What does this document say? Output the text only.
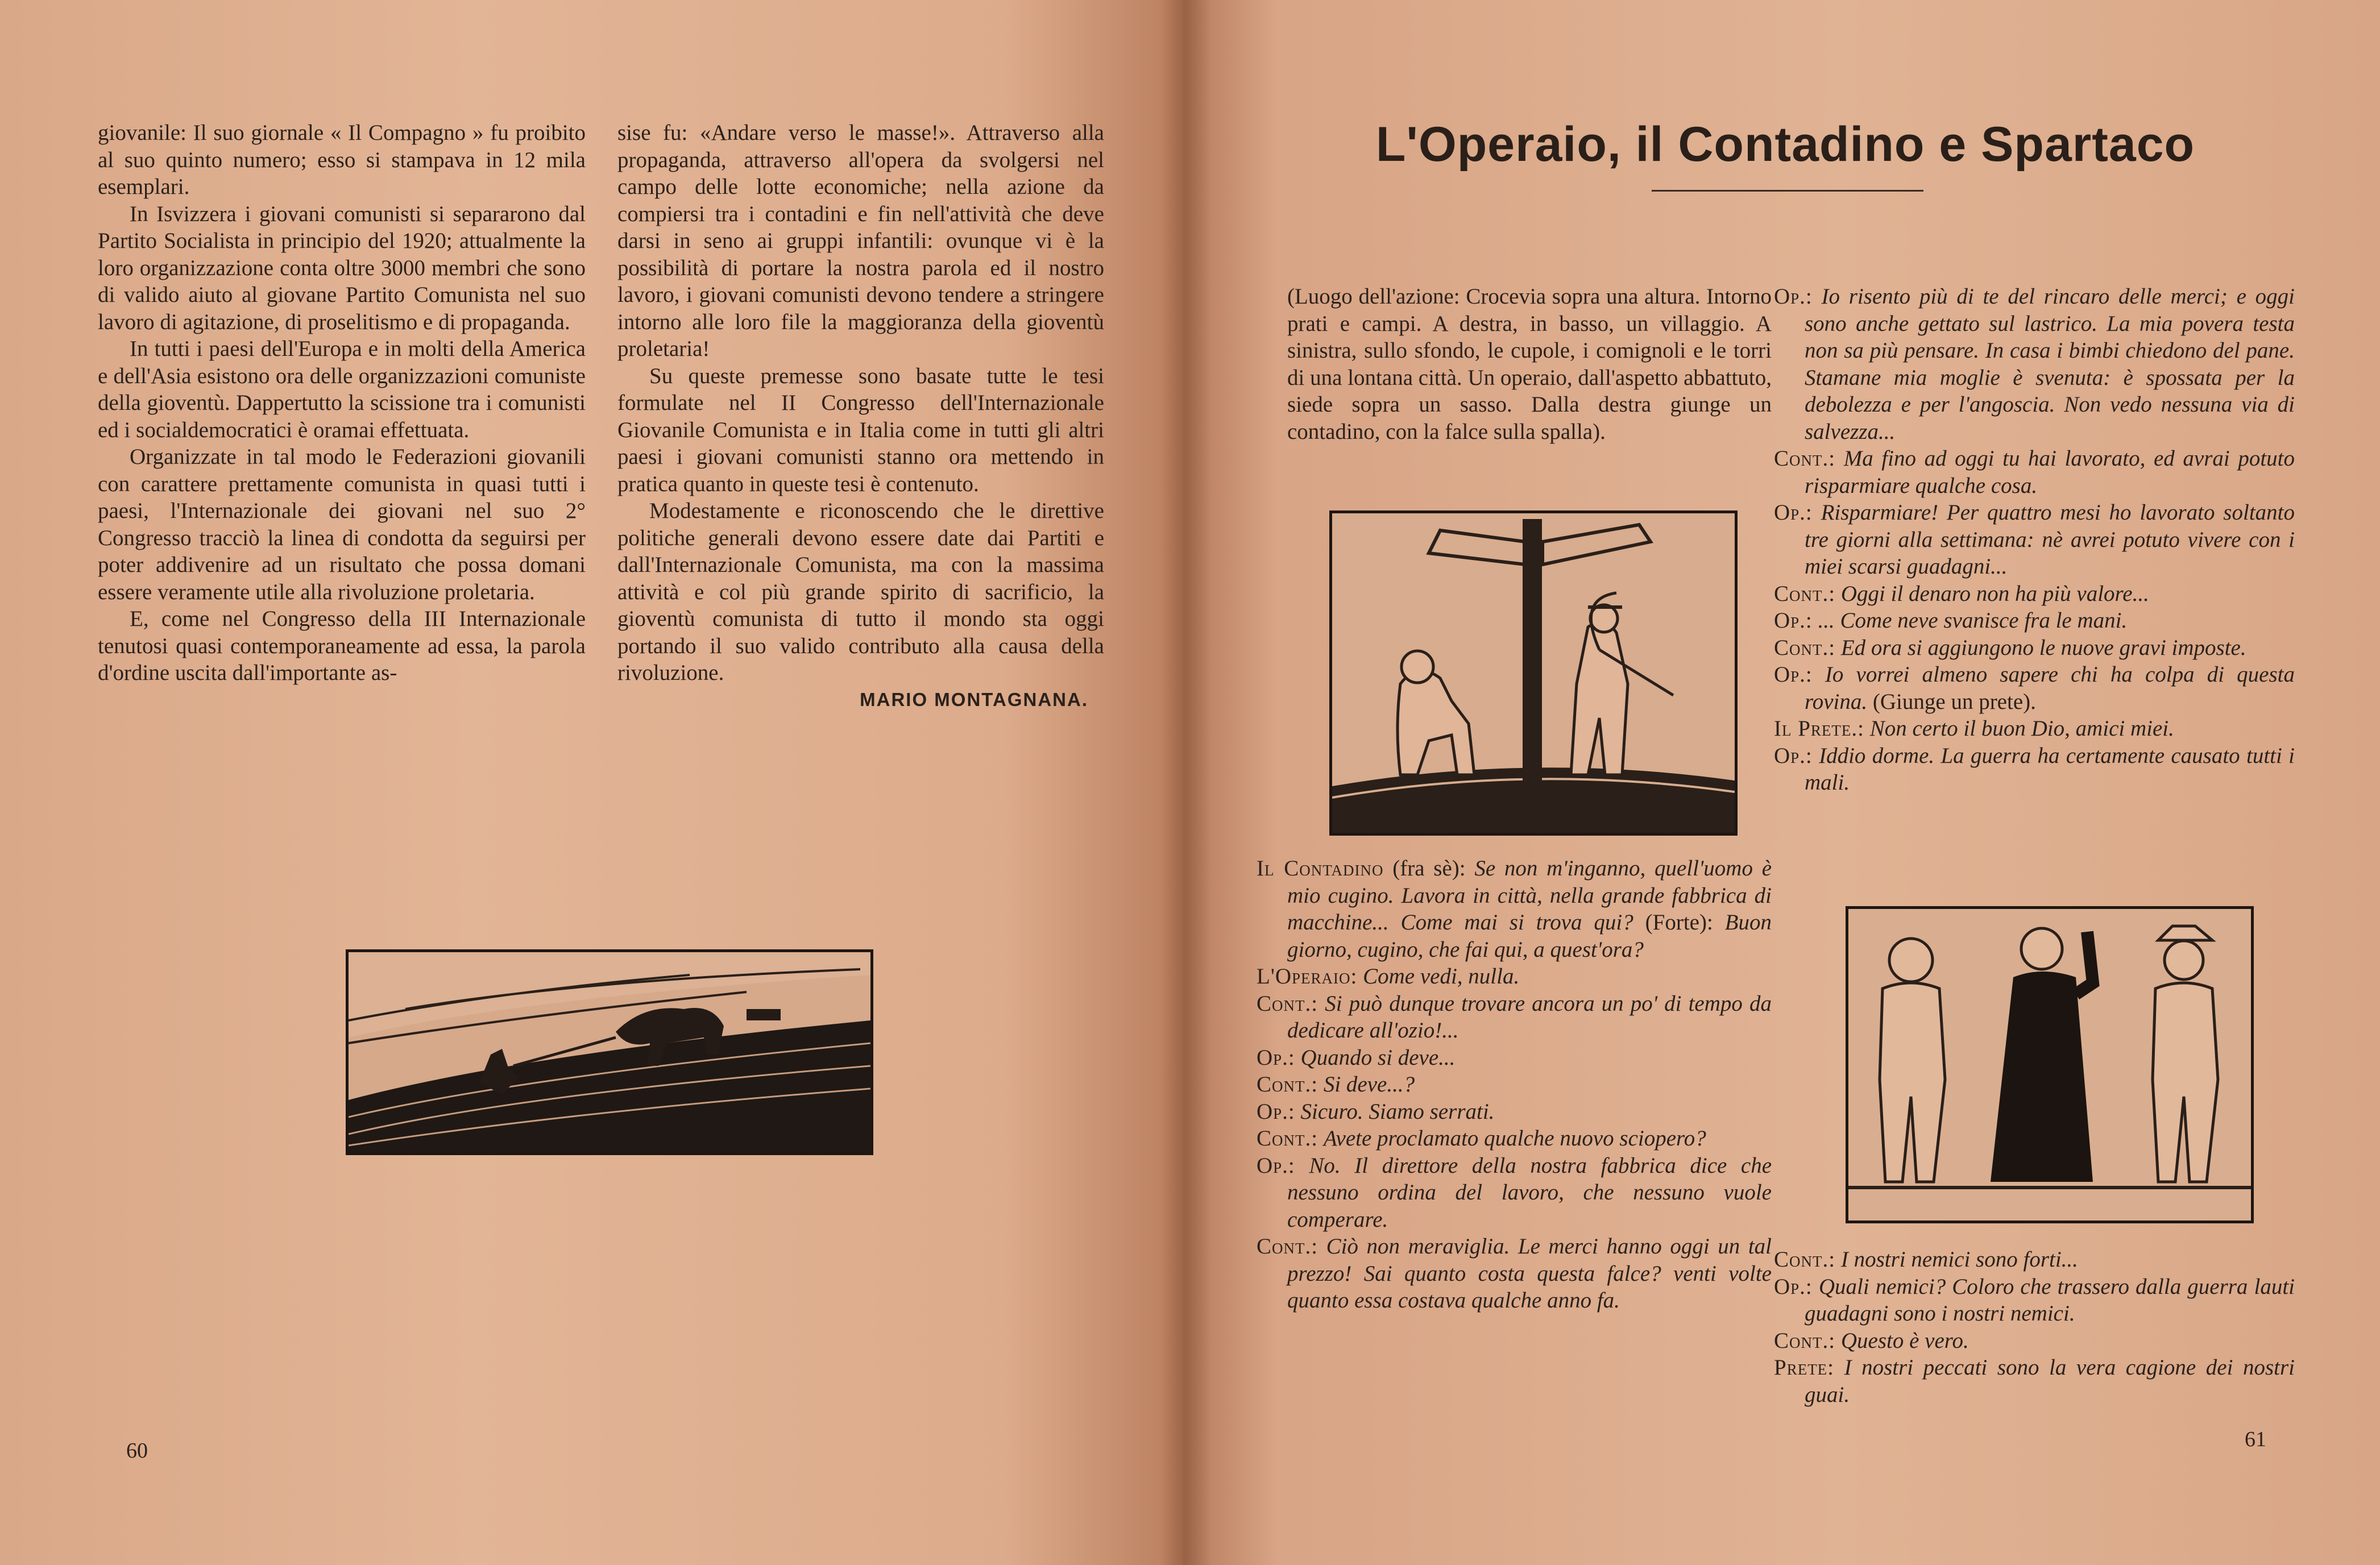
giovanile: Il suo giornale « Il Compagno » fu proibito al suo quinto numero; esso si stampava in 12 mila esemplari.

In Isvizzera i giovani comunisti si separarono dal Partito Socialista in principio del 1920; attualmente la loro organizzazione conta oltre 3000 membri che sono di valido aiuto al giovane Partito Comunista nel suo lavoro di agitazione, di proselitismo e di propaganda.

In tutti i paesi dell'Europa e in molti della America e dell'Asia esistono ora delle organizzazioni comuniste della gioventù. Dappertutto la scissione tra i comunisti ed i socialdemocratici è oramai effettuata.

Organizzate in tal modo le Federazioni giovanili con carattere prettamente comunista in quasi tutti i paesi, l'Internazionale dei giovani nel suo 2° Congresso tracciò la linea di condotta da seguirsi per poter addivenire ad un risultato che possa domani essere veramente utile alla rivoluzione proletaria.

E, come nel Congresso della III Internazionale tenutosi quasi contemporaneamente ad essa, la parola d'ordine uscita dall'importante as-

sise fu: «Andare verso le masse!». Attraverso alla propaganda, attraverso all'opera da svolgersi nel campo delle lotte economiche; nella azione da compiersi tra i contadini e fin nell'attività che deve darsi in seno ai gruppi infantili: ovunque vi è la possibilità di portare la nostra parola ed il nostro lavoro, i giovani comunisti devono tendere a stringere intorno alle loro file la maggioranza della gioventù proletaria!

Su queste premesse sono basate tutte le tesi formulate nel II Congresso dell'Internazionale Giovanile Comunista e in Italia come in tutti gli altri paesi i giovani comunisti stanno ora mettendo in pratica quanto in queste tesi è contenuto.

Modestamente e riconoscendo che le direttive politiche generali devono essere date dai Partiti e dall'Internazionale Comunista, ma con la massima attività e col più grande spirito di sacrificio, la gioventù comunista di tutto il mondo sta oggi portando il suo valido contributo alla causa della rivoluzione.

MARIO MONTAGNANA.
60
L'Operaio, il Contadino e Spartaco

(Luogo dell'azione: Crocevia sopra una altura. Intorno prati e campi. A destra, in basso, un villaggio. A sinistra, sullo sfondo, le cupole, i comignoli e le torri di una lontana città. Un operaio, dall'aspetto abbattuto, siede sopra un sasso. Dalla destra giunge un contadino, con la falce sulla spalla).

Il Contadino (fra sè): Se non m'inganno, quell'uomo è mio cugino. Lavora in città, nella grande fabbrica di macchine... Come mai si trova qui? (Forte): Buon giorno, cugino, che fai qui, a quest'ora?

L'Operaio: Come vedi, nulla.

Cont.: Si può dunque trovare ancora un po' di tempo da dedicare all'ozio!...

Op.: Quando si deve...

Cont.: Si deve...?

Op.: Sicuro. Siamo serrati.

Cont.: Avete proclamato qualche nuovo sciopero?

Op.: No. Il direttore della nostra fabbrica dice che nessuno ordina del lavoro, che nessuno vuole comperare.

Cont.: Ciò non meraviglia. Le merci hanno oggi un tal prezzo! Sai quanto costa questa falce? venti volte quanto essa costava qualche anno fa.

Op.: Io risento più di te del rincaro delle merci; e oggi sono anche gettato sul lastrico. La mia povera testa non sa più pensare. In casa i bimbi chiedono del pane. Stamane mia moglie è svenuta: è spossata per la debolezza e per l'angoscia. Non vedo nessuna via di salvezza...

Cont.: Ma fino ad oggi tu hai lavorato, ed avrai potuto risparmiare qualche cosa.

Op.: Risparmiare! Per quattro mesi ho lavorato soltanto tre giorni alla settimana: nè avrei potuto vivere con i miei scarsi guadagni...

Cont.: Oggi il denaro non ha più valore...

Op.: ... Come neve svanisce fra le mani.

Cont.: Ed ora si aggiungono le nuove gravi imposte.

Op.: Io vorrei almeno sapere chi ha colpa di questa rovina. (Giunge un prete).

Il Prete.: Non certo il buon Dio, amici miei.

Op.: Iddio dorme. La guerra ha certamente causato tutti i mali.

Cont.: I nostri nemici sono forti...

Op.: Quali nemici? Coloro che trassero dalla guerra lauti guadagni sono i nostri nemici.

Cont.: Questo è vero.

Prete: I nostri peccati sono la vera cagione dei nostri guai.

61
